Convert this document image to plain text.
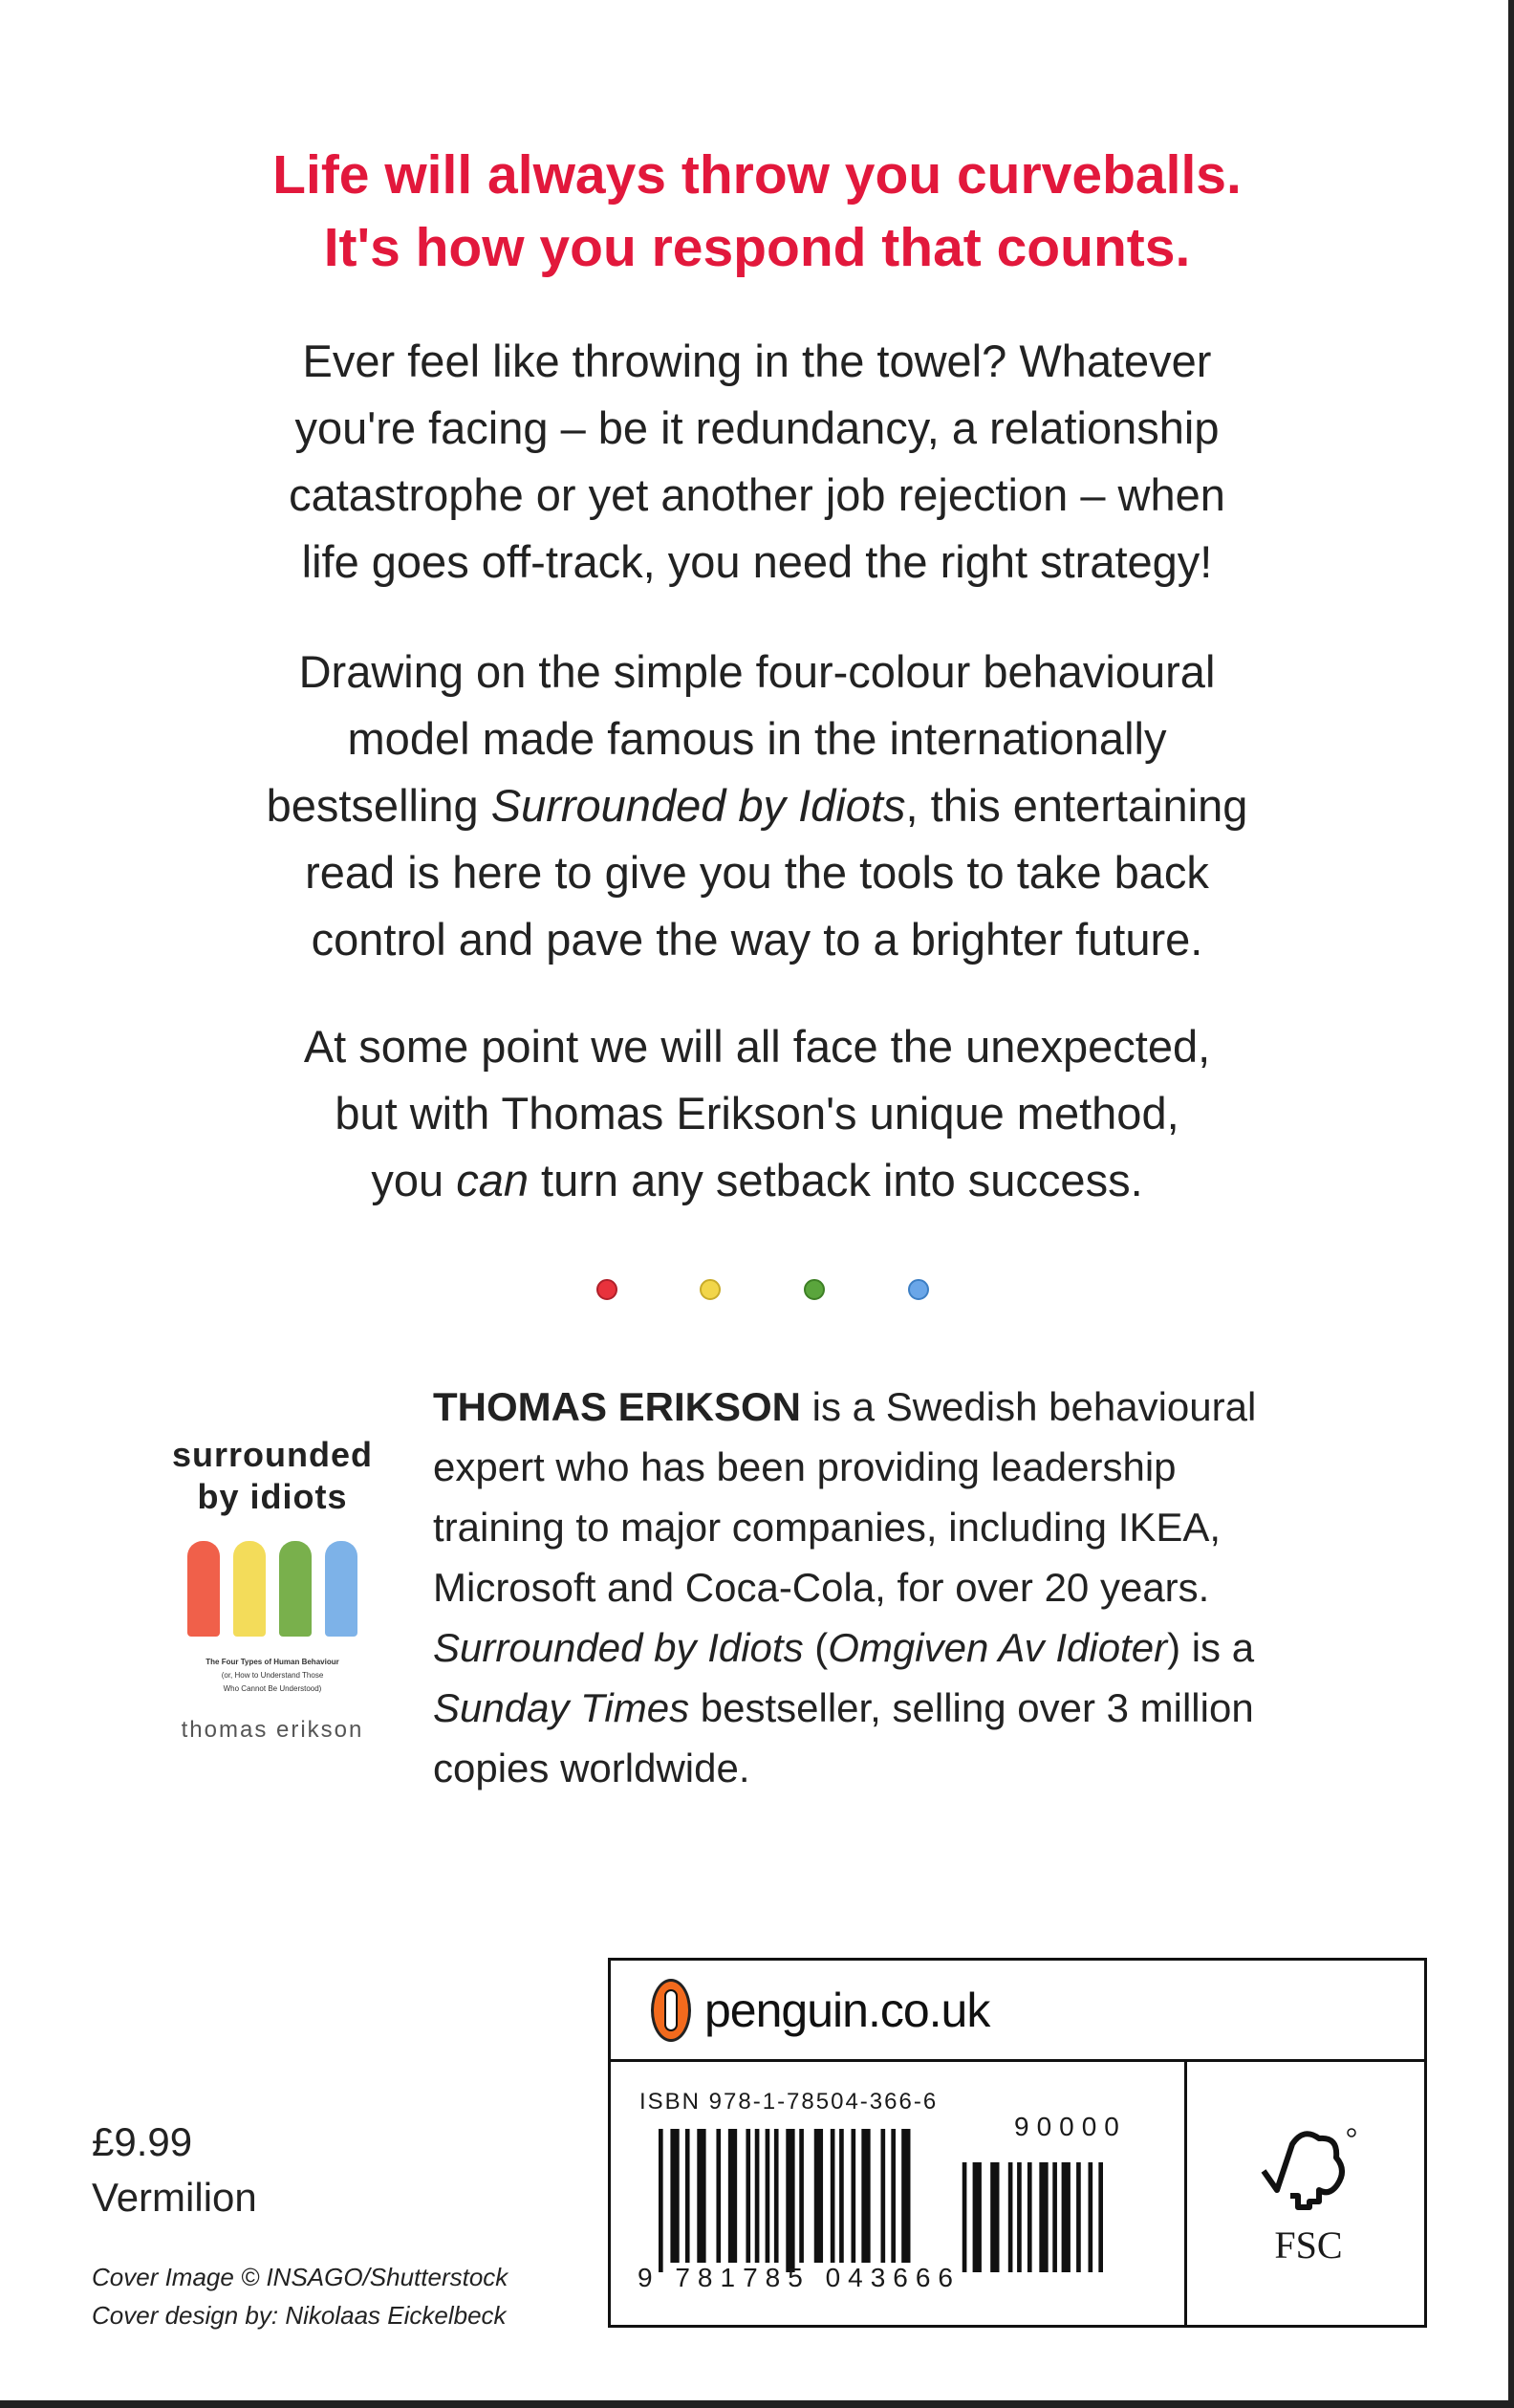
Life will always throw you curveballs.
It's how you respond that counts.
Ever feel like throwing in the towel? Whatever
you're facing – be it redundancy, a relationship
catastrophe or yet another job rejection – when
life goes off-track, you need the right strategy!
Drawing on the simple four-colour behavioural
model made famous in the internationally
bestselling Surrounded by Idiots, this entertaining
read is here to give you the tools to take back
control and pave the way to a brighter future.
At some point we will all face the unexpected,
but with Thomas Erikson's unique method,
you can turn any setback into success.
surrounded
by idiots
The Four Types of Human Behaviour
(or, How to Understand Those
Who Cannot Be Understood)
thomas erikson
THOMAS ERIKSON is a Swedish behavioural
expert who has been providing leadership
training to major companies, including IKEA,
Microsoft and Coca-Cola, for over 20 years.
Surrounded by Idiots (Omgiven Av Idioter) is a
Sunday Times bestseller, selling over 3 million
copies worldwide.
£9.99
Vermilion
Cover Image © INSAGO/Shutterstock
Cover design by: Nikolaas Eickelbeck
penguin.co.uk
ISBN 978-1-78504-366-6
9 781785 043666
90000
FSC
